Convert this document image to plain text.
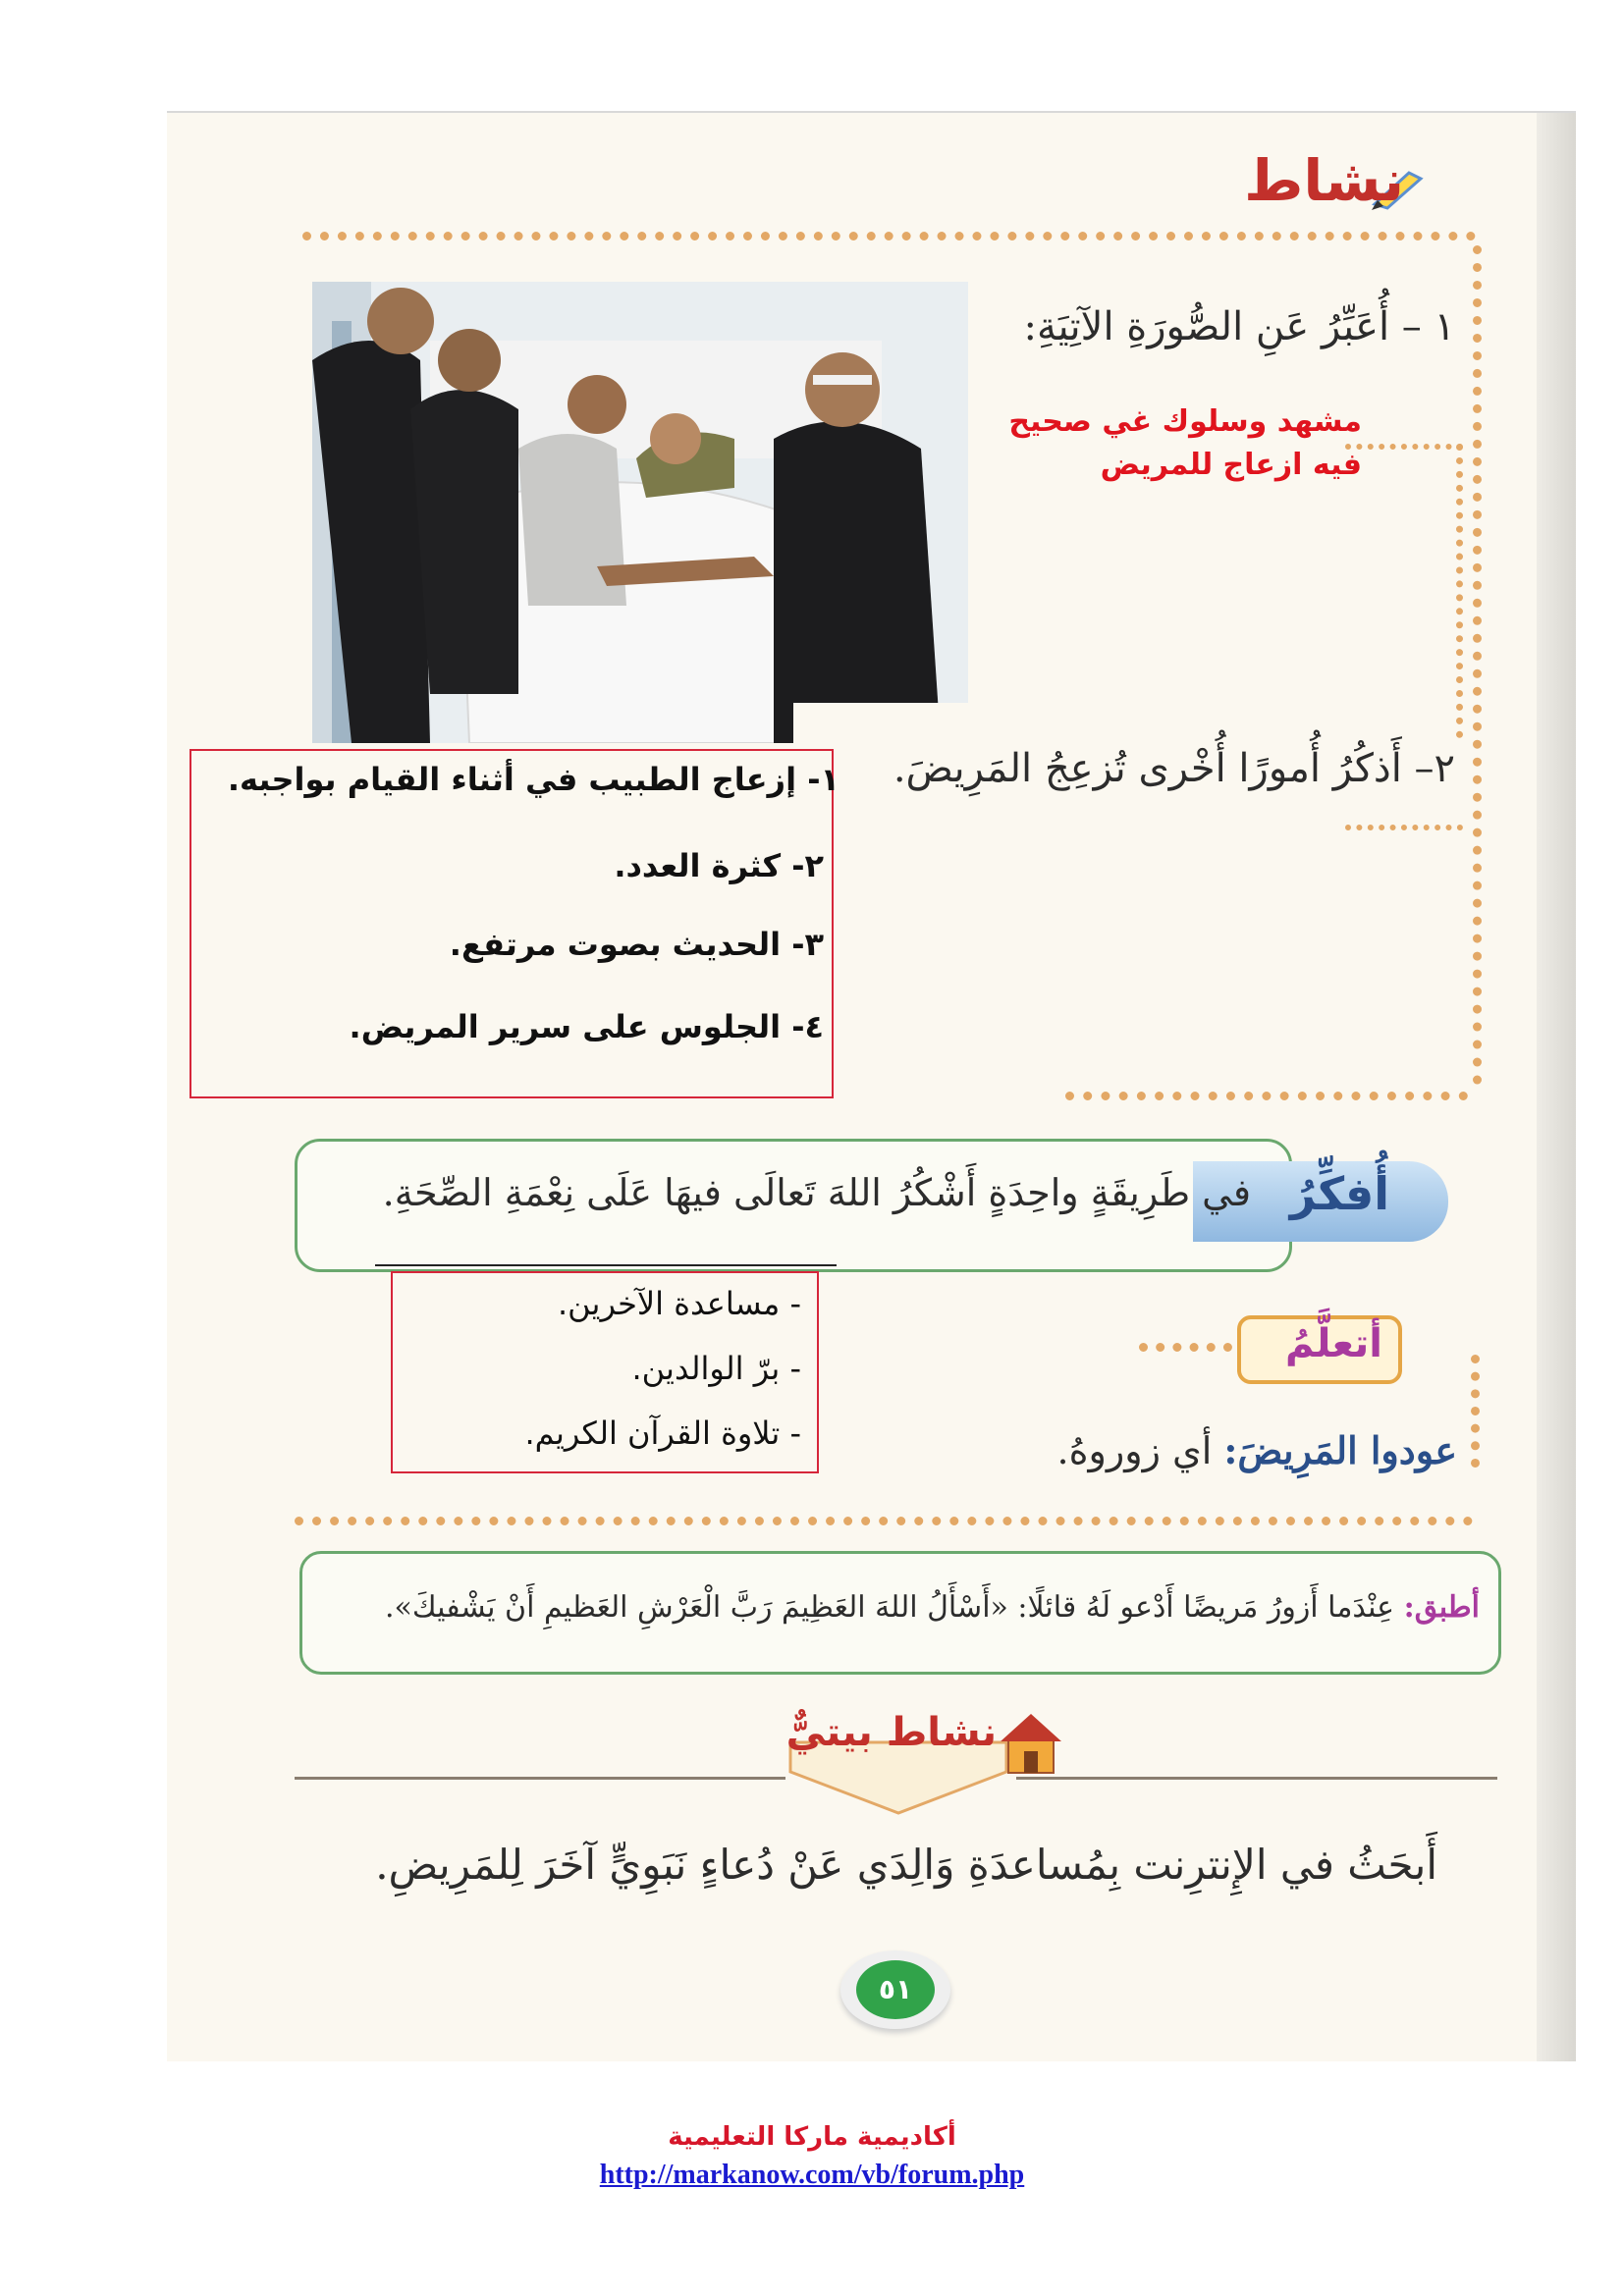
نشاط
١ – أُعَبِّرُ عَنِ الصُّورَةِ الآتِيَةِ:
مشهد وسلوك غي صحيح
فيه ازعاج للمريض
٢– أَذكُرُ أُمورًا أُخْرى تُزعِجُ المَرِيضَ.
١- إزعاج الطبيب في أثناء القيام بواجبه.
٢- كثرة العدد.
٣- الحديث بصوت مرتفع.
٤- الجلوس على سرير المريض.
أُفكِّرُ
في طَرِيقَةٍ واحِدَةٍ أَشْكُرُ اللهَ تَعالَى فيهَا عَلَى نِعْمَةِ الصِّحَةِ.
- مساعدة الآخرين.
- برّ الوالدين.
- تلاوة القرآن الكريم.
أتعلَّمُ
عودوا المَرِيضَ: أي زوروهُ.
أطبق: عِنْدَما أَزورُ مَريضًا أَدْعو لَهُ قائلًا: «أَسْأَلُ اللهَ العَظِيمَ رَبَّ الْعَرْشِ العَظيمِ أَنْ يَشْفيكَ».
نشاط بيتيٌّ
أَبحَثُ في الإِنترِنت بِمُساعدَةِ وَالِدَي عَنْ دُعاءٍ نَبَوِيٍّ آخَرَ لِلمَرِيضِ.
٥١
أكاديمية ماركا التعليمية
http://markanow.com/vb/forum.php
